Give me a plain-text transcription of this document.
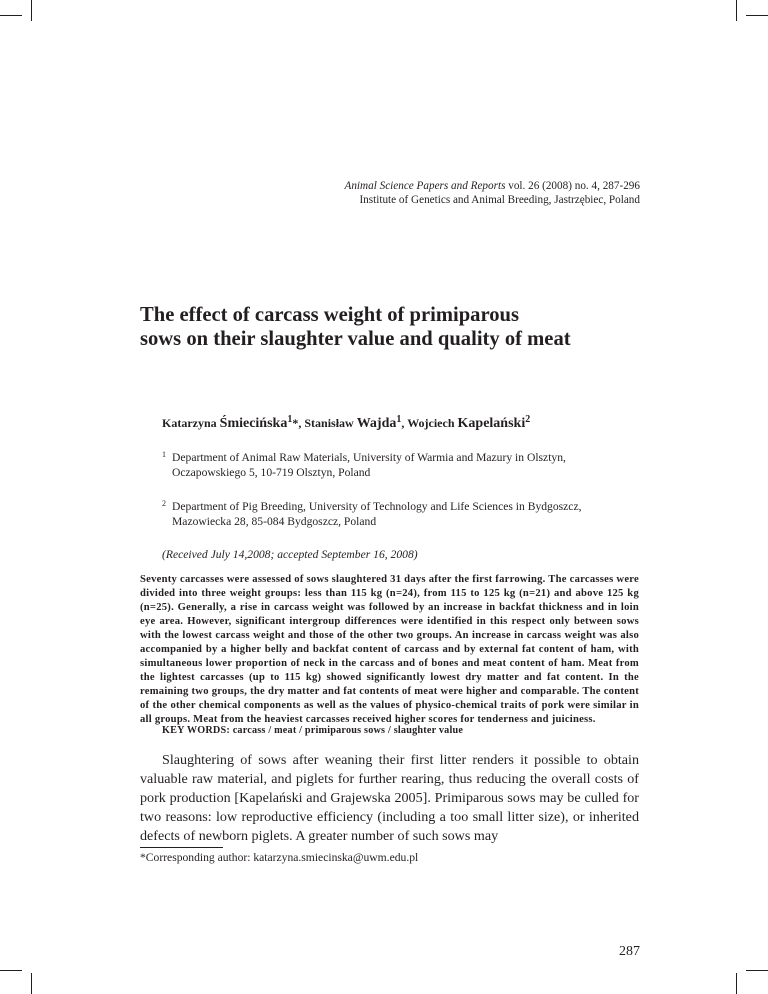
Animal Science Papers and Reports vol. 26 (2008) no. 4, 287-296
Institute of Genetics and Animal Breeding, Jastrzębiec, Poland
The effect of carcass weight of primiparous
sows on their slaughter value and quality of meat
Katarzyna Śmiecińska$^1$*, Stanisław Wajda$^1$, Wojciech Kapelański$^2$
1 Department of Animal Raw Materials, University of Warmia and Mazury in Olsztyn,
Oczapowskiego 5, 10-719 Olsztyn, Poland
2 Department of Pig Breeding, University of Technology and Life Sciences in Bydgoszcz,
Mazowiecka 28, 85-084 Bydgoszcz, Poland
(Received July 14,2008; accepted September 16, 2008)

Seventy carcasses were assessed of sows slaughtered 31 days after the first farrowing. The carcasses were divided into three weight groups: less than 115 kg (n=24), from 115 to 125 kg (n=21) and above 125 kg (n=25). Generally, a rise in carcass weight was followed by an increase in backfat thickness and in loin eye area. However, significant intergroup differences were identified in this respect only between sows with the lowest carcass weight and those of the other two groups. An increase in carcass weight was also accompanied by a higher belly and backfat content of carcass and by external fat content of ham, with simultaneous lower proportion of neck in the carcass and of bones and meat content of ham. Meat from the lightest carcasses (up to 115 kg) showed significantly lowest dry matter and fat content. In the remaining two groups, the dry matter and fat contents of meat were higher and comparable. The content of the other chemical components as well as the values of physico-chemical traits of pork were similar in all groups. Meat from the heaviest carcasses received higher scores for tenderness and juiciness.

KEY WORDS: carcass / meat / primiparous sows / slaughter value

Slaughtering of sows after weaning their first litter renders it possible to obtain valuable raw material, and piglets for further rearing, thus reducing the overall costs of pork production [Kapelański and Grajewska 2005]. Primiparous sows may be culled for two reasons: low reproductive efficiency (including a too small litter size), or inherited defects of newborn piglets. A greater number of such sows may

*Corresponding author: katarzyna.smiecinska@uwm.edu.pl
287
